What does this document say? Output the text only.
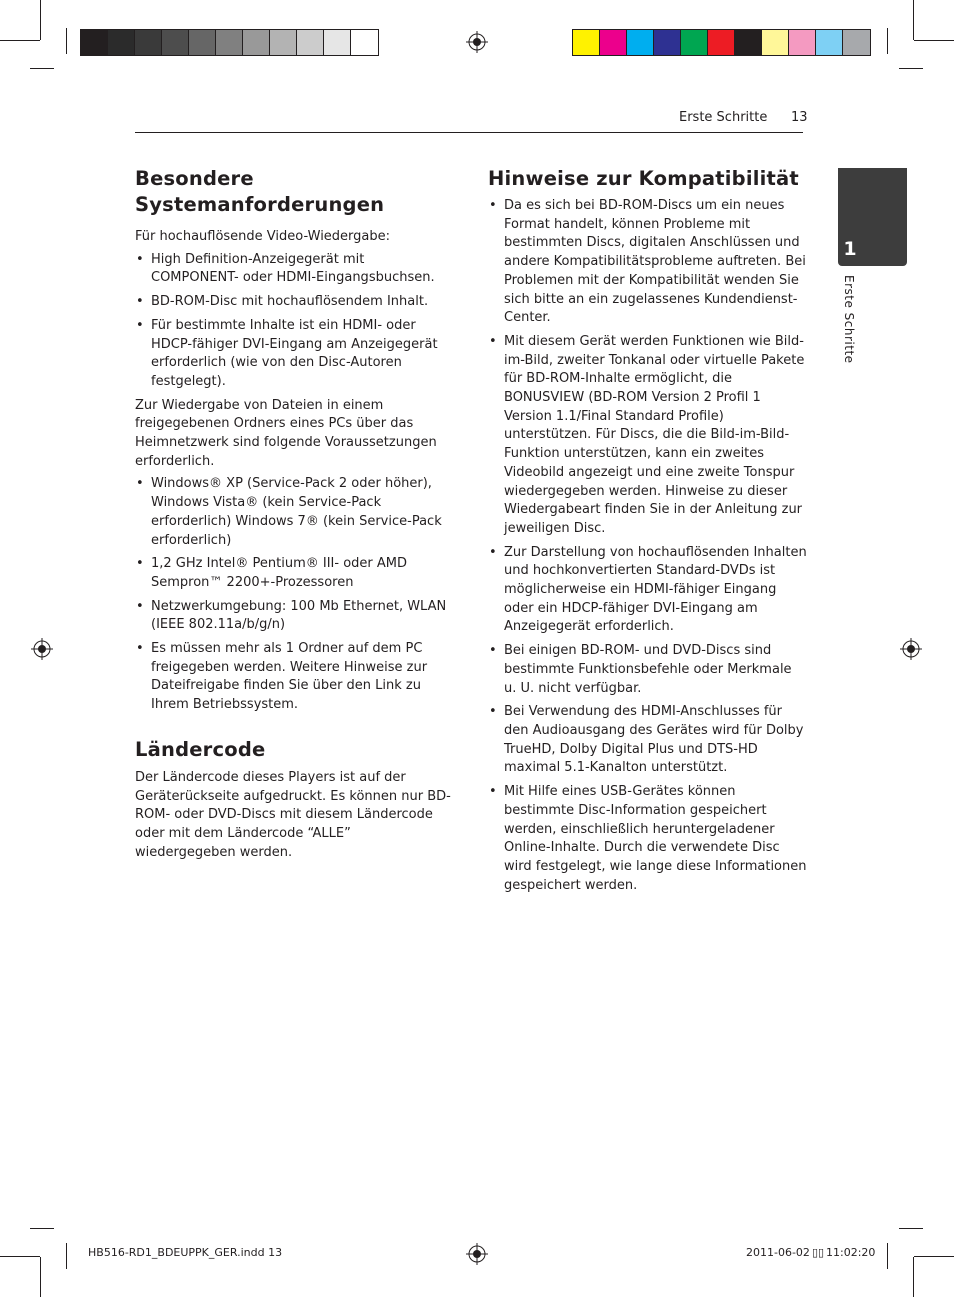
Erste Schritte 13
1
Erste Schritte
Besondere
Systemanforderungen

Für hochauflösende Video-Wiedergabe:

• High Definition-Anzeigegerät mit COMPONENT- oder HDMI-Eingangsbuchsen.
• BD-ROM-Disc mit hochauflösendem Inhalt.
• Für bestimmte Inhalte ist ein HDMI- oder HDCP-fähiger DVI-Eingang am Anzeigegerät erforderlich (wie von den Disc-Autoren festgelegt).

Zur Wiedergabe von Dateien in einem freigegebenen Ordners eines PCs über das Heimnetzwerk sind folgende Voraussetzungen erforderlich.

• Windows® XP (Service-Pack 2 oder höher), Windows Vista® (kein Service-Pack erforderlich) Windows 7® (kein Service-Pack erforderlich)
• 1,2 GHz Intel® Pentium® III- oder AMD Sempron™ 2200+-Prozessoren
• Netzwerkumgebung: 100 Mb Ethernet, WLAN (IEEE 802.11a/b/g/n)
• Es müssen mehr als 1 Ordner auf dem PC freigegeben werden. Weitere Hinweise zur Dateifreigabe finden Sie über den Link zu Ihrem Betriebssystem.
Ländercode

Der Ländercode dieses Players ist auf der Geräterückseite aufgedruckt. Es können nur BD-ROM- oder DVD-Discs mit diesem Ländercode oder mit dem Ländercode “ALLE” wiedergegeben werden.

Hinweise zur Kompatibilität
• Da es sich bei BD-ROM-Discs um ein neues Format handelt, können Probleme mit bestimmten Discs, digitalen Anschlüssen und andere Kompatibilitätsprobleme auftreten. Bei Problemen mit der Kompatibilität wenden Sie sich bitte an ein zugelassenes Kundendienst-Center.
• Mit diesem Gerät werden Funktionen wie Bild-im-Bild, zweiter Tonkanal oder virtuelle Pakete für BD-ROM-Inhalte ermöglicht, die BONUSVIEW (BD-ROM Version 2 Profil 1 Version 1.1/Final Standard Profile) unterstützen. Für Discs, die die Bild-im-Bild-Funktion unterstützen, kann ein zweites Videobild angezeigt und eine zweite Tonspur wiedergegeben werden. Hinweise zu dieser Wiedergabeart finden Sie in der Anleitung zur jeweiligen Disc.
• Zur Darstellung von hochauflösenden Inhalten und hochkonvertierten Standard-DVDs ist möglicherweise ein HDMI-fähiger Eingang oder ein HDCP-fähiger DVI-Eingang am Anzeigegerät erforderlich.
• Bei einigen BD-ROM- und DVD-Discs sind bestimmte Funktionsbefehle oder Merkmale u. U. nicht verfügbar.
• Bei Verwendung des HDMI-Anschlusses für den Audioausgang des Gerätes wird für Dolby TrueHD, Dolby Digital Plus und DTS-HD maximal 5.1-Kanalton unterstützt.
• Mit Hilfe eines USB-Gerätes können bestimmte Disc-Information gespeichert werden, einschließlich heruntergeladener Online-Inhalte. Durch die verwendete Disc wird festgelegt, wie lange diese Informationen gespeichert werden.
HB516-RD1_BDEUPPK_GER.indd 13	2011-06-02 ▯▯ 11:02:20
